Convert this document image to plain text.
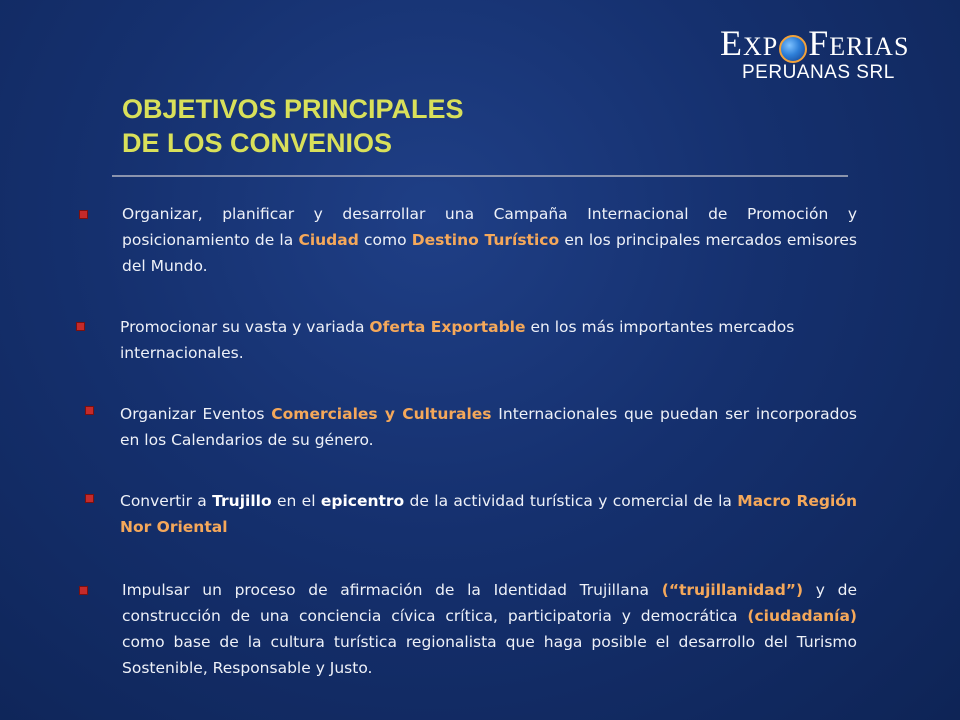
EXP FERIAS
PERUANAS SRL
OBJETIVOS PRINCIPALES
DE LOS CONVENIOS

Organizar, planificar y desarrollar una Campaña Internacional de Promoción y posicionamiento de la Ciudad como Destino Turístico en los principales mercados emisores del Mundo.

Promocionar su vasta y variada Oferta Exportable en los más importantes mercados internacionales.

Organizar Eventos Comerciales y Culturales Internacionales que puedan ser incorporados en los Calendarios de su género.

Convertir a Trujillo en el epicentro de la actividad turística y comercial de la Macro Región Nor Oriental

Impulsar un proceso de afirmación de la Identidad Trujillana (“trujillanidad”) y de construcción de una conciencia cívica crítica, participatoria y democrática (ciudadanía) como base de la cultura turística regionalista que haga posible el desarrollo del Turismo Sostenible, Responsable y Justo.
